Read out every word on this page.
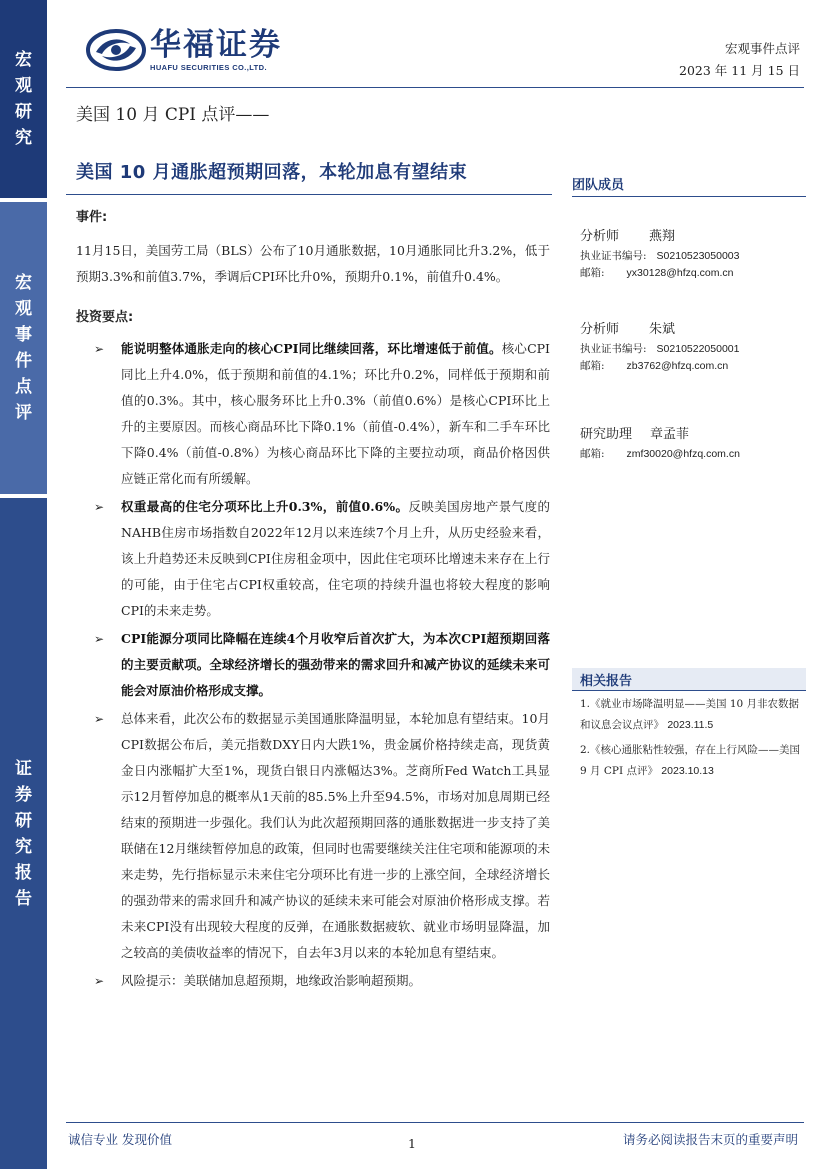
宏
观
研
究
宏
观
事
件
点
评
证
券
研
究
报
告
华福证券
HUAFU SECURITIES CO.,LTD.
宏观事件点评
2023 年 11 月 15 日
美国 10 月 CPI 点评——
美国 10 月通胀超预期回落，本轮加息有望结束
事件:
11月15日，美国劳工局（BLS）公布了10月通胀数据，10月通胀同比升3.2%，低于预期3.3%和前值3.7%，季调后CPI环比升0%，预期升0.1%，前值升0.4%。
投资要点:
➢ 能说明整体通胀走向的核心CPI同比继续回落，环比增速低于前值。核心CPI同比上升4.0%，低于预期和前值的4.1%；环比升0.2%，同样低于预期和前值的0.3%。其中，核心服务环比上升0.3%（前值0.6%）是核心CPI环比上升的主要原因。而核心商品环比下降0.1%（前值-0.4%），新车和二手车环比下降0.4%（前值-0.8%）为核心商品环比下降的主要拉动项，商品价格因供应链正常化而有所缓解。
➢ 权重最高的住宅分项环比上升0.3%，前值0.6%。反映美国房地产景气度的NAHB住房市场指数自2022年12月以来连续7个月上升，从历史经验来看，该上升趋势还未反映到CPI住房租金项中，因此住宅项环比增速未来存在上行的可能，由于住宅占CPI权重较高，住宅项的持续升温也将较大程度的影响CPI的未来走势。
➢ CPI能源分项同比降幅在连续4个月收窄后首次扩大，为本次CPI超预期回落的主要贡献项。全球经济增长的强劲带来的需求回升和减产协议的延续未来可能会对原油价格形成支撑。
➢ 总体来看，此次公布的数据显示美国通胀降温明显，本轮加息有望结束。10月CPI数据公布后，美元指数DXY日内大跌1%，贵金属价格持续走高，现货黄金日内涨幅扩大至1%，现货白银日内涨幅达3%。芝商所Fed Watch工具显示12月暂停加息的概率从1天前的85.5%上升至94.5%，市场对加息周期已经结束的预期进一步强化。我们认为此次超预期回落的通胀数据进一步支持了美联储在12月继续暂停加息的政策，但同时也需要继续关注住宅项和能源项的未来走势，先行指标显示未来住宅分项环比有进一步的上涨空间，全球经济增长的强劲带来的需求回升和减产协议的延续未来可能会对原油价格形成支撑。若未来CPI没有出现较大程度的反弹，在通胀数据疲软、就业市场明显降温，加之较高的美债收益率的情况下，自去年3月以来的本轮加息有望结束。
➢ 风险提示：美联储加息超预期，地缘政治影响超预期。
团队成员
分析师 燕翔
执业证书编号: S0210523050003
邮箱: yx30128@hfzq.com.cn
分析师 朱斌
执业证书编号: S0210522050001
邮箱: zb3762@hfzq.com.cn
研究助理 章孟菲
邮箱: zmf30020@hfzq.com.cn
相关报告
1.《就业市场降温明显——美国 10 月非农数据和议息会议点评》 2023.11.5
2.《核心通胀粘性较强，存在上行风险——美国 9 月 CPI 点评》 2023.10.13
诚信专业 发现价值	1	请务必阅读报告末页的重要声明
